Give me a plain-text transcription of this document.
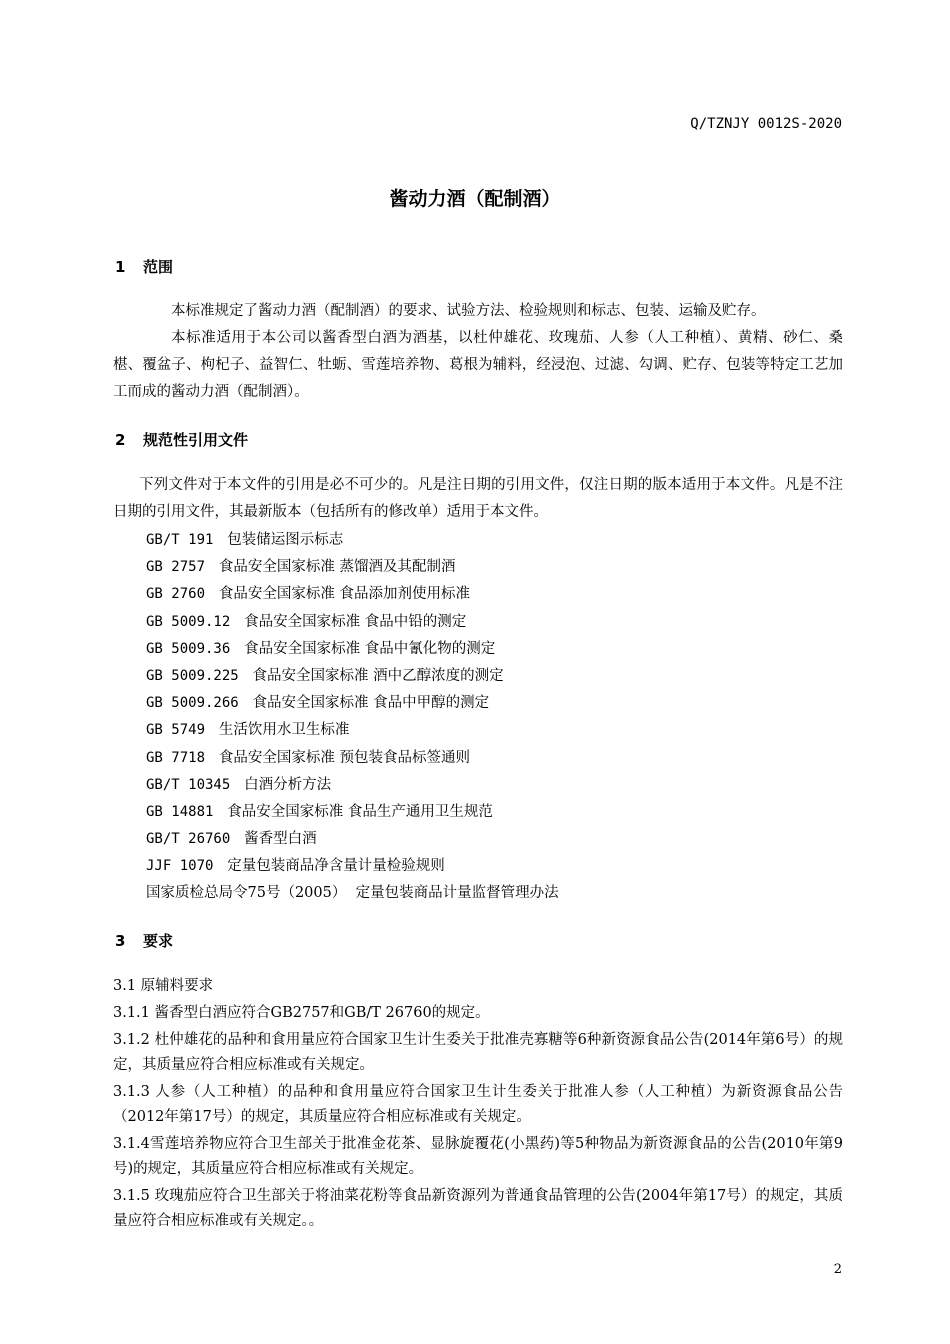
Q/TZNJY 0012S-2020
酱动力酒（配制酒）
1 范围
本标准规定了酱动力酒（配制酒）的要求、试验方法、检验规则和标志、包装、运输及贮存。
本标准适用于本公司以酱香型白酒为酒基，以杜仲雄花、玫瑰茄、人参（人工种植）、黄精、砂仁、桑椹、覆盆子、枸杞子、益智仁、牡蛎、雪莲培养物、葛根为辅料，经浸泡、过滤、勾调、贮存、包装等特定工艺加工而成的酱动力酒（配制酒）。
2 规范性引用文件
下列文件对于本文件的引用是必不可少的。凡是注日期的引用文件，仅注日期的版本适用于本文件。凡是不注日期的引用文件，其最新版本（包括所有的修改单）适用于本文件。
GB/T 191 包装储运图示标志
GB 2757 食品安全国家标准 蒸馏酒及其配制酒
GB 2760 食品安全国家标准 食品添加剂使用标准
GB 5009.12 食品安全国家标准 食品中铅的测定
GB 5009.36 食品安全国家标准 食品中氰化物的测定
GB 5009.225 食品安全国家标准 酒中乙醇浓度的测定
GB 5009.266 食品安全国家标准 食品中甲醇的测定
GB 5749 生活饮用水卫生标准
GB 7718 食品安全国家标准 预包装食品标签通则
GB/T 10345 白酒分析方法
GB 14881 食品安全国家标准 食品生产通用卫生规范
GB/T 26760 酱香型白酒
JJF 1070 定量包装商品净含量计量检验规则
国家质检总局令75号（2005） 定量包装商品计量监督管理办法
3 要求
3.1 原辅料要求
3.1.1 酱香型白酒应符合GB2757和GB/T 26760的规定。
3.1.2 杜仲雄花的品种和食用量应符合国家卫生计生委关于批准壳寡糖等6种新资源食品公告(2014年第6号）的规定，其质量应符合相应标准或有关规定。
3.1.3 人参（人工种植）的品种和食用量应符合国家卫生计生委关于批准人参（人工种植）为新资源食品公告（2012年第17号）的规定，其质量应符合相应标准或有关规定。
3.1.4雪莲培养物应符合卫生部关于批准金花茶、显脉旋覆花(小黑药)等5种物品为新资源食品的公告(2010年第9号)的规定，其质量应符合相应标准或有关规定。
3.1.5 玫瑰茄应符合卫生部关于将油菜花粉等食品新资源列为普通食品管理的公告(2004年第17号）的规定，其质量应符合相应标准或有关规定。。
2
